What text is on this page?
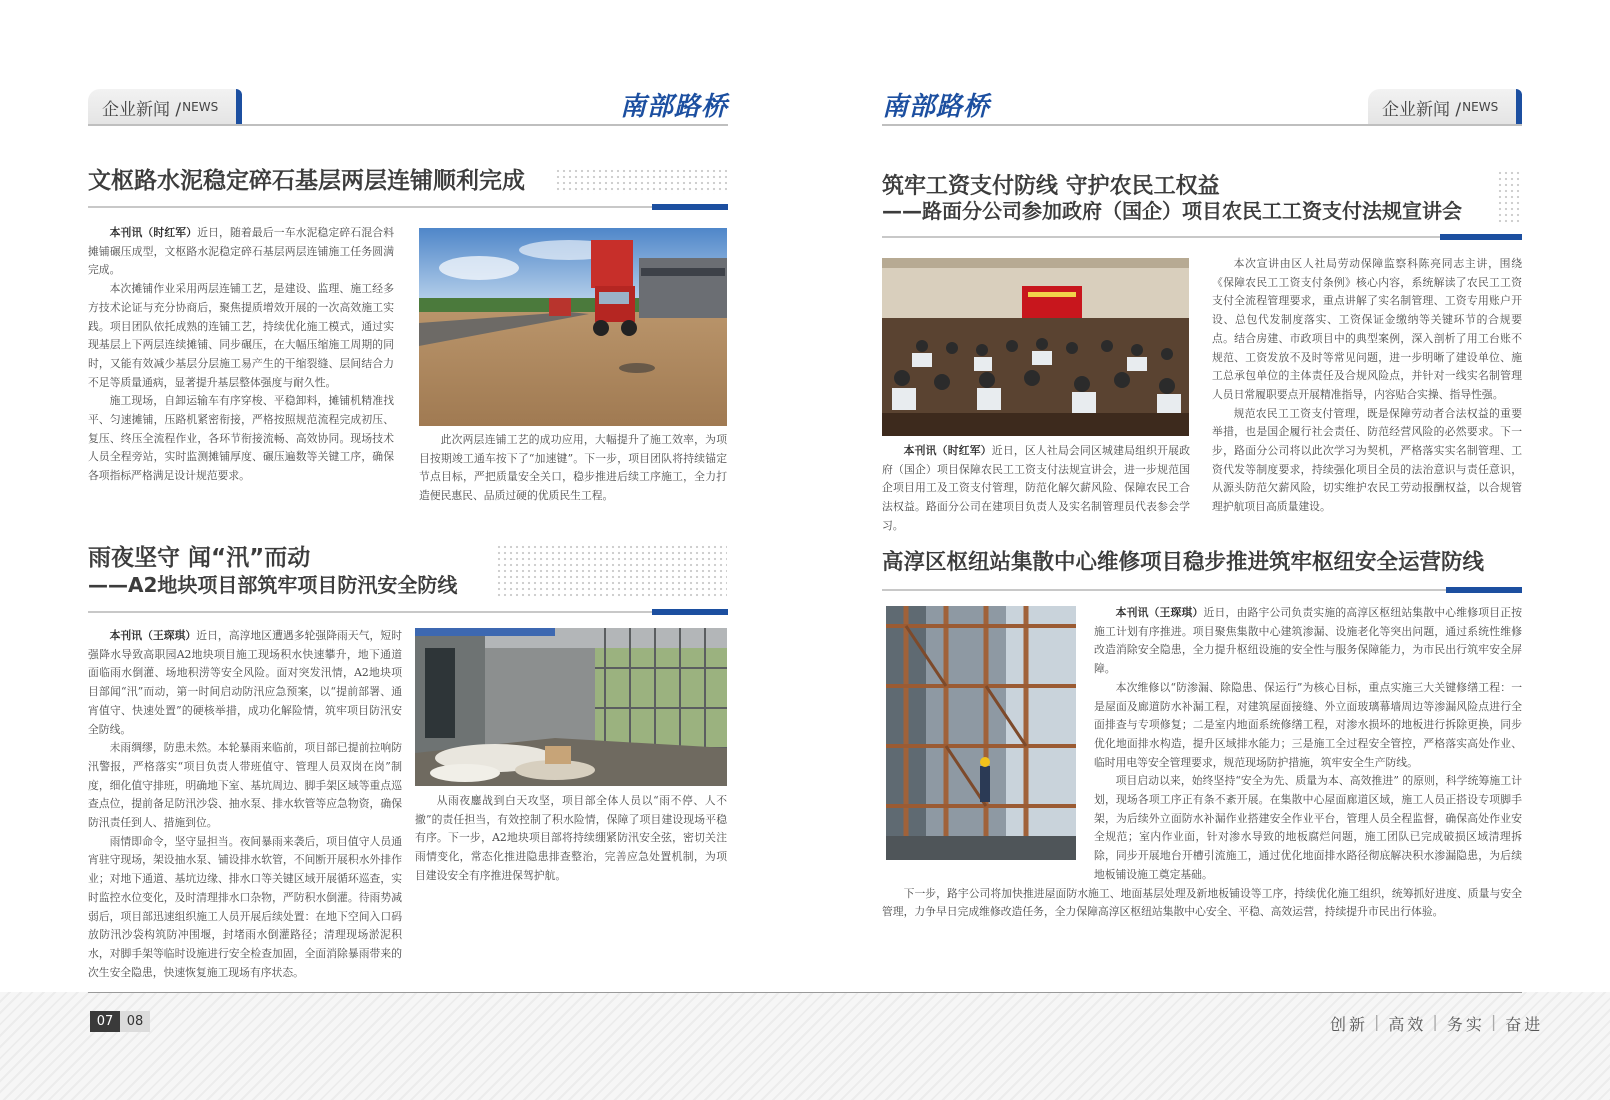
企业新闻 / NEWS	南部路桥	南部路桥	企业新闻 / NEWS
文枢路水泥稳定碎石基层两层连铺顺利完成

本刊讯（时红军）近日，随着最后一车水泥稳定碎石混合料摊铺碾压成型，文枢路水泥稳定碎石基层两层连铺施工任务圆满完成。

本次摊铺作业采用两层连铺工艺，是建设、监理、施工经多方技术论证与充分协商后，聚焦提质增效开展的一次高效施工实践。项目团队依托成熟的连铺工艺，持续优化施工模式，通过实现基层上下两层连续摊铺、同步碾压，在大幅压缩施工周期的同时，又能有效减少基层分层施工易产生的干缩裂缝、层间结合力不足等质量通病，显著提升基层整体强度与耐久性。

施工现场，自卸运输车有序穿梭、平稳卸料，摊铺机精准找平、匀速摊铺，压路机紧密衔接，严格按照规范流程完成初压、复压、终压全流程作业，各环节衔接流畅、高效协同。现场技术人员全程旁站，实时监测摊铺厚度、碾压遍数等关键工序，确保各项指标严格满足设计规范要求。

此次两层连铺工艺的成功应用，大幅提升了施工效率，为项目按期竣工通车按下了“加速键”。下一步，项目团队将持续锚定节点目标，严把质量安全关口，稳步推进后续工序施工，全力打造便民惠民、品质过硬的优质民生工程。

雨夜坚守 闻“汛”而动
——A2地块项目部筑牢项目防汛安全防线

本刊讯（王琛琪）近日，高淳地区遭遇多轮强降雨天气，短时强降水导致高职园A2地块项目施工现场积水快速攀升，地下通道面临雨水倒灌、场地积涝等安全风险。面对突发汛情，A2地块项目部闻“汛”而动，第一时间启动防汛应急预案，以“提前部署、通宵值守、快速处置”的硬核举措，成功化解险情，筑牢项目防汛安全防线。

未雨绸缪，防患未然。本轮暴雨来临前，项目部已提前拉响防汛警报，严格落实“项目负责人带班值守、管理人员双岗在岗”制度，细化值守排班，明确地下室、基坑周边、脚手架区域等重点巡查点位，提前备足防汛沙袋、抽水泵、排水软管等应急物资，确保防汛责任到人、措施到位。

雨情即命令，坚守显担当。夜间暴雨来袭后，项目值守人员通宵驻守现场，架设抽水泵、铺设排水软管，不间断开展积水外排作业；对地下通道、基坑边缘、排水口等关键区域开展循环巡查，实时监控水位变化，及时清理排水口杂物，严防积水倒灌。待雨势减弱后，项目部迅速组织施工人员开展后续处置：在地下空间入口码放防汛沙袋构筑防冲围堰，封堵雨水倒灌路径；清理现场淤泥积水，对脚手架等临时设施进行安全检查加固，全面消除暴雨带来的次生安全隐患，快速恢复施工现场有序状态。

从雨夜鏖战到白天攻坚，项目部全体人员以“雨不停、人不撤”的责任担当，有效控制了积水险情，保障了项目建设现场平稳有序。下一步，A2地块项目部将持续绷紧防汛安全弦，密切关注雨情变化，常态化推进隐患排查整治，完善应急处置机制，为项目建设安全有序推进保驾护航。

筑牢工资支付防线 守护农民工权益
——路面分公司参加政府（国企）项目农民工工资支付法规宣讲会

本刊讯（时红军）近日，区人社局会同区城建局组织开展政府（国企）项目保障农民工工资支付法规宣讲会，进一步规范国企项目用工及工资支付管理，防范化解欠薪风险、保障农民工合法权益。路面分公司在建项目负责人及实名制管理员代表参会学习。

本次宣讲由区人社局劳动保障监察科陈亮同志主讲，围绕《保障农民工工资支付条例》核心内容，系统解读了农民工工资支付全流程管理要求，重点讲解了实名制管理、工资专用账户开设、总包代发制度落实、工资保证金缴纳等关键环节的合规要点。结合房建、市政项目中的典型案例，深入剖析了用工台账不规范、工资发放不及时等常见问题，进一步明晰了建设单位、施工总承包单位的主体责任及合规风险点，并针对一线实名制管理人员日常履职要点开展精准指导，内容贴合实操、指导性强。

规范农民工工资支付管理，既是保障劳动者合法权益的重要举措，也是国企履行社会责任、防范经营风险的必然要求。下一步，路面分公司将以此次学习为契机，严格落实实名制管理、工资代发等制度要求，持续强化项目全员的法治意识与责任意识，从源头防范欠薪风险，切实维护农民工劳动报酬权益，以合规管理护航项目高质量建设。

高淳区枢纽站集散中心维修项目稳步推进筑牢枢纽安全运营防线

本刊讯（王琛琪）近日，由路宇公司负责实施的高淳区枢纽站集散中心维修项目正按施工计划有序推进。项目聚焦集散中心建筑渗漏、设施老化等突出问题，通过系统性维修改造消除安全隐患，全力提升枢纽设施的安全性与服务保障能力，为市民出行筑牢安全屏障。

本次维修以“防渗漏、除隐患、保运行”为核心目标，重点实施三大关键修缮工程：一是屋面及廊道防水补漏工程，对建筑屋面接缝、外立面玻璃幕墙周边等渗漏风险点进行全面排查与专项修复；二是室内地面系统修缮工程，对渗水损坏的地板进行拆除更换，同步优化地面排水构造，提升区域排水能力；三是施工全过程安全管控，严格落实高处作业、临时用电等安全管理要求，规范现场防护措施，筑牢安全生产防线。

项目启动以来，始终坚持“安全为先、质量为本、高效推进” 的原则，科学统筹施工计划，现场各项工序正有条不紊开展。在集散中心屋面廊道区域，施工人员正搭设专项脚手架，为后续外立面防水补漏作业搭建安全作业平台，管理人员全程监督，确保高处作业安全规范；室内作业面，针对渗水导致的地板腐烂问题，施工团队已完成破损区域清理拆除，同步开展地台开槽引流施工，通过优化地面排水路径彻底解决积水渗漏隐患，为后续地板铺设施工奠定基础。

下一步，路宇公司将加快推进屋面防水施工、地面基层处理及新地板铺设等工序，持续优化施工组织，统筹抓好进度、质量与安全管理，力争早日完成维修改造任务，全力保障高淳区枢纽站集散中心安全、平稳、高效运营，持续提升市民出行体验。

07	08	创新 | 高效 | 务实 | 奋进
